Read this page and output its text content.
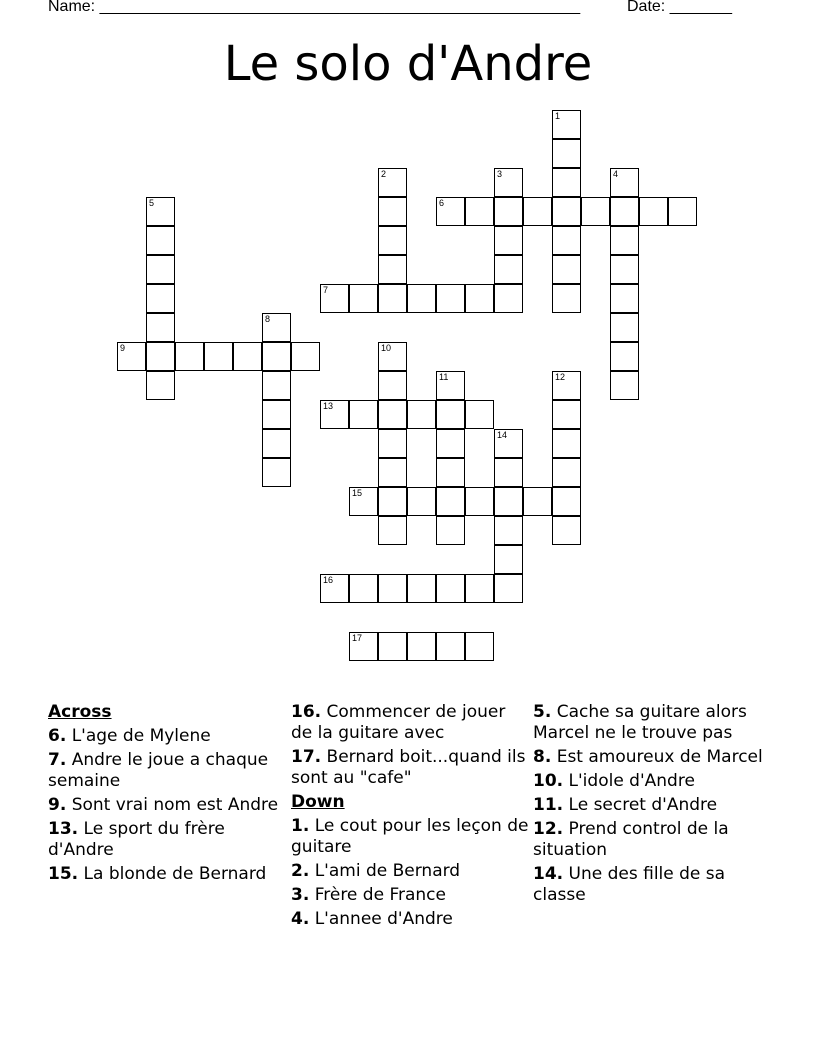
Name: ______________________________________________________	Date: _______
Le solo d'Andre
1
2	3	4
5	6
7
8
9	10
11	12
13
14
15
16
17
Across
6. L'age de Mylene
7. Andre le joue a chaque semaine
9. Sont vrai nom est Andre
13. Le sport du frère d'Andre
15. La blonde de Bernard
16. Commencer de jouer de la guitare avec
17. Bernard boit...quand ils sont au "cafe"
Down
1. Le cout pour les leçon de guitare
2. L'ami de Bernard
3. Frère de France
4. L'annee d'Andre
5. Cache sa guitare alors Marcel ne le trouve pas
8. Est amoureux de Marcel
10. L'idole d'Andre
11. Le secret d'Andre
12. Prend control de la situation
14. Une des fille de sa classe
